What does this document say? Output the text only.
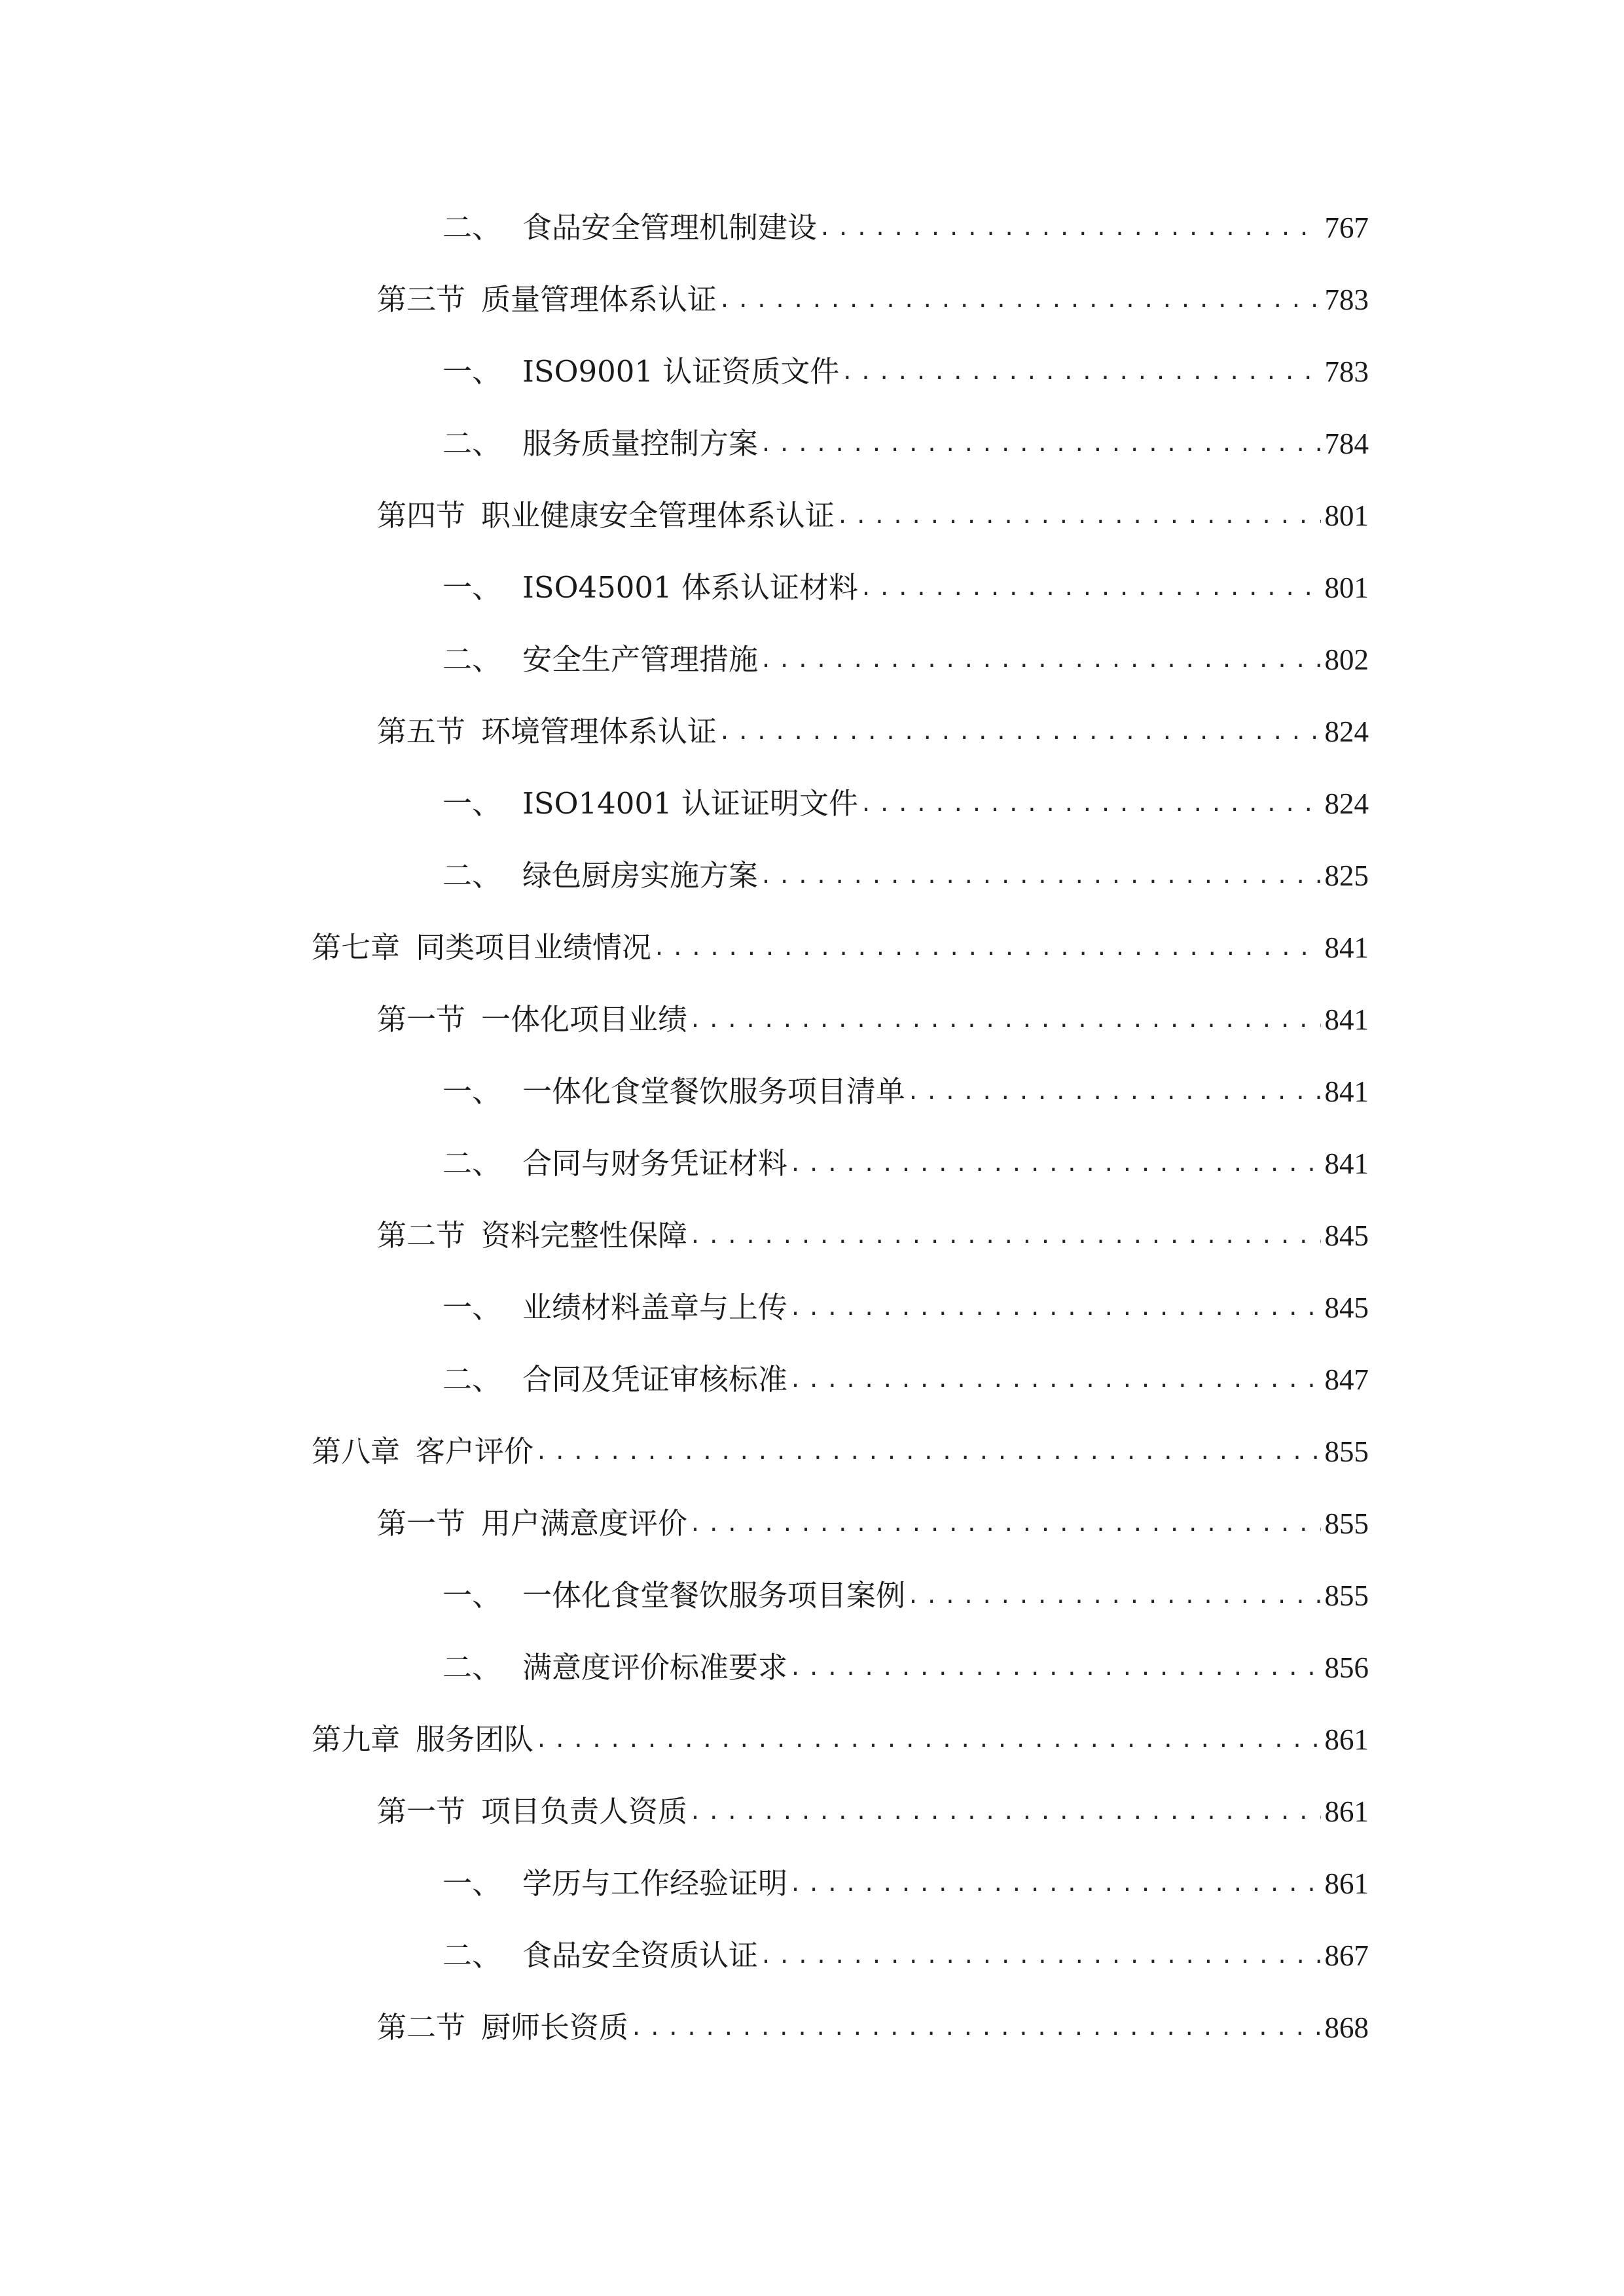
二、 食品安全管理机制建设 . . .	767
第三节 质量管理体系认证 . . .	783
一、 ISO9001 认证资质文件 . . .	783
二、 服务质量控制方案 . . .	784
第四节 职业健康安全管理体系认证 . . .	801
一、 ISO45001 体系认证材料 . . .	801
二、 安全生产管理措施 . . .	802
第五节 环境管理体系认证 . . .	824
一、 ISO14001 认证证明文件 . . .	824
二、 绿色厨房实施方案 . . .	825
第七章 同类项目业绩情况 . . .	841
第一节 一体化项目业绩 . . .	841
一、 一体化食堂餐饮服务项目清单 . . .	841
二、 合同与财务凭证材料 . . .	841
第二节 资料完整性保障 . . .	845
一、 业绩材料盖章与上传 . . .	845
二、 合同及凭证审核标准 . . .	847
第八章 客户评价 . . .	855
第一节 用户满意度评价 . . .	855
一、 一体化食堂餐饮服务项目案例 . . .	855
二、 满意度评价标准要求 . . .	856
第九章 服务团队 . . .	861
第一节 项目负责人资质 . . .	861
一、 学历与工作经验证明 . . .	861
二、 食品安全资质认证 . . .	867
第二节 厨师长资质 . . .	868
